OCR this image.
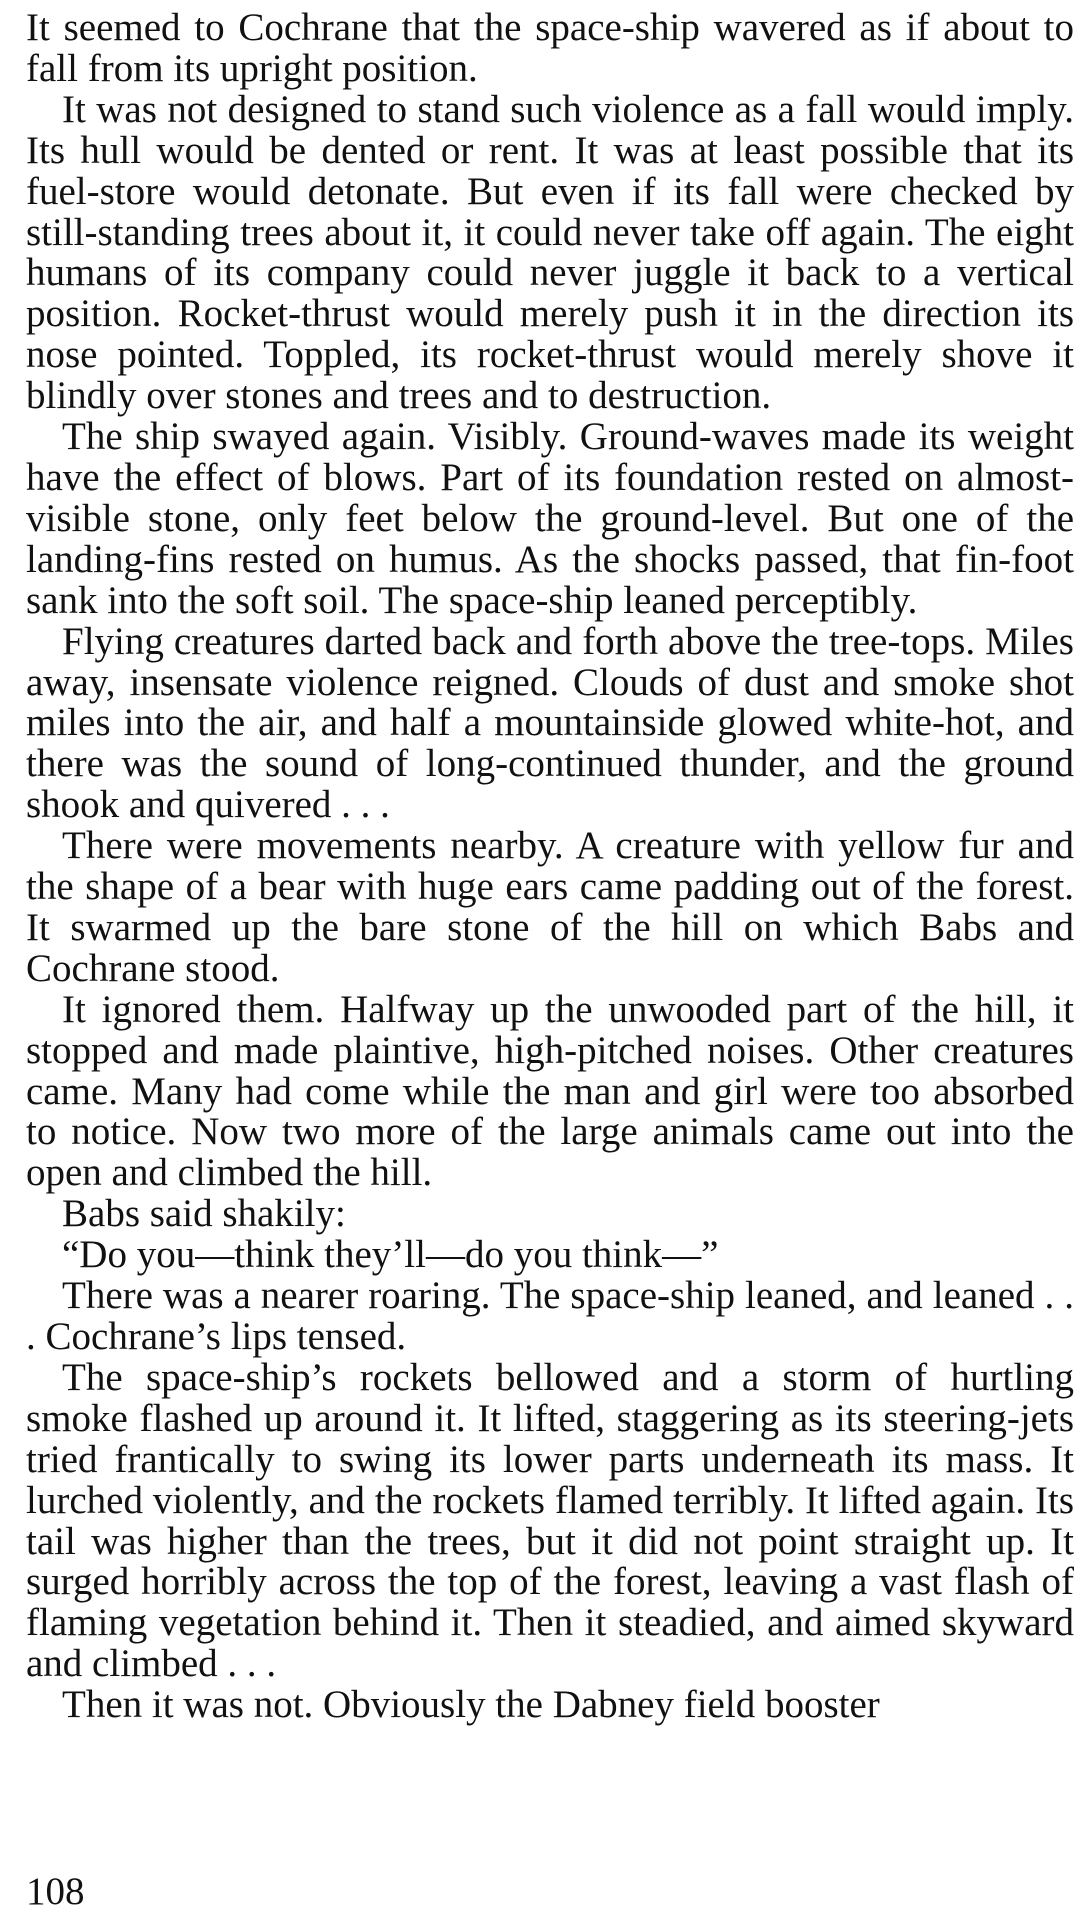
It seemed to Cochrane that the space-ship wavered as if about to fall from its upright position.

It was not designed to stand such violence as a fall would imply. Its hull would be dented or rent. It was at least possible that its fuel-store would detonate. But even if its fall were checked by still-standing trees about it, it could never take off again. The eight humans of its company could never juggle it back to a vertical position. Rocket-thrust would merely push it in the direction its nose pointed. Toppled, its rocket-thrust would merely shove it blindly over stones and trees and to destruction.

The ship swayed again. Visibly. Ground-waves made its weight have the effect of blows. Part of its foundation rested on almost-visible stone, only feet below the ground-level. But one of the landing-fins rested on humus. As the shocks passed, that fin-foot sank into the soft soil. The space-ship leaned perceptibly.

Flying creatures darted back and forth above the tree-tops. Miles away, insensate violence reigned. Clouds of dust and smoke shot miles into the air, and half a mountainside glowed white-hot, and there was the sound of long-continued thunder, and the ground shook and quivered . . .

There were movements nearby. A creature with yellow fur and the shape of a bear with huge ears came padding out of the forest. It swarmed up the bare stone of the hill on which Babs and Cochrane stood.

It ignored them. Halfway up the unwooded part of the hill, it stopped and made plaintive, high-pitched noises. Other creatures came. Many had come while the man and girl were too absorbed to notice. Now two more of the large animals came out into the open and climbed the hill.

Babs said shakily:

“Do you—think they’ll—do you think—”

There was a nearer roaring. The space-ship leaned, and leaned . . . Cochrane’s lips tensed.

The space-ship’s rockets bellowed and a storm of hurtling smoke flashed up around it. It lifted, staggering as its steering-jets tried frantically to swing its lower parts underneath its mass. It lurched violently, and the rockets flamed terribly. It lifted again. Its tail was higher than the trees, but it did not point straight up. It surged horribly across the top of the forest, leaving a vast flash of flaming vegetation behind it. Then it steadied, and aimed skyward and climbed . . .

Then it was not. Obviously the Dabney field booster

108
